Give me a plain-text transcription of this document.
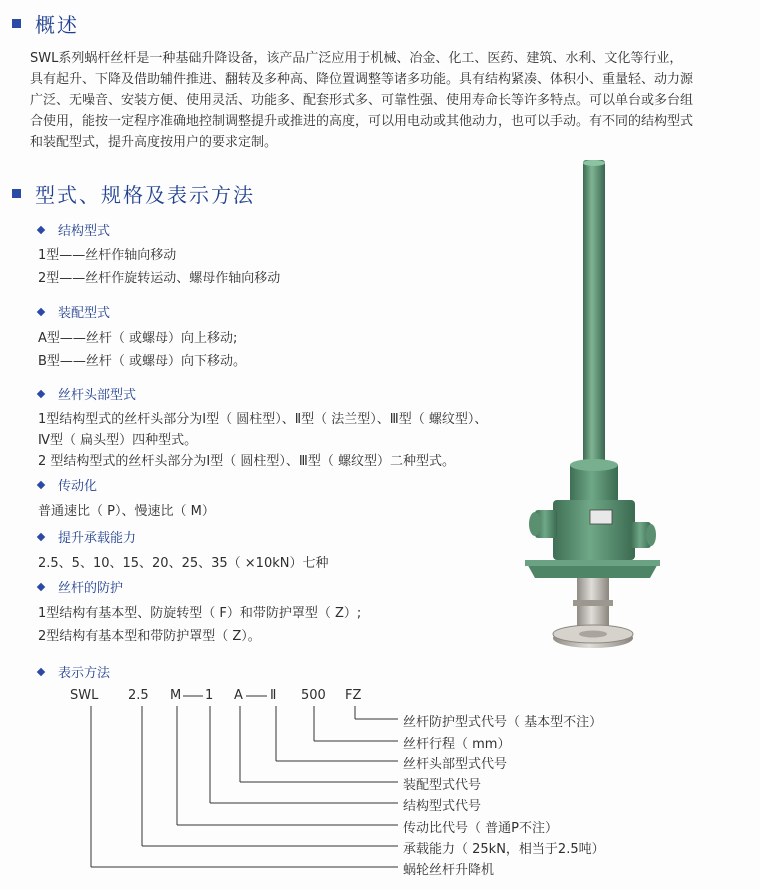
概述

SWL系列蜗杆丝杆是一种基础升降设备，该产品广泛应用于机械、冶金、化工、医药、建筑、水利、文化等行业，

具有起升、下降及借助辅件推进、翻转及多种高、降位置调整等诸多功能。具有结构紧凑、体积小、重量轻、动力源

广泛、无噪音、安装方便、使用灵活、功能多、配套形式多、可靠性强、使用寿命长等许多特点。可以单台或多台组

合使用，能按一定程序准确地控制调整提升或推进的高度，可以用电动或其他动力，也可以手动。有不同的结构型式

和装配型式，提升高度按用户的要求定制。

型式、规格及表示方法
结构型式
1型——丝杆作轴向移动
2型——丝杆作旋转运动、螺母作轴向移动
装配型式
A型——丝杆（ 或螺母）向上移动;
B型——丝杆（ 或螺母）向下移动。
丝杆头部型式
1型结构型式的丝杆头部分为Ⅰ型（ 圆柱型）、Ⅱ型（ 法兰型）、Ⅲ型（ 螺纹型）、
Ⅳ型（ 扁头型）四种型式。
2 型结构型式的丝杆头部分为Ⅰ型（ 圆柱型）、Ⅲ型（ 螺纹型）二种型式。
传动化
普通速比（ P）、慢速比（ M）
提升承载能力
2.5、5、10、15、20、25、35（ ×10kN）七种
丝杆的防护
1型结构有基本型、防旋转型（ F）和带防护罩型（ Z）;
2型结构有基本型和带防护罩型（ Z）。
表示方法
SWL 2.5 M 1 A Ⅱ 500 FZ
丝杆防护型式代号（ 基本型不注）
丝杆行程（ mm）
丝杆头部型式代号
装配型式代号
结构型式代号
传动比代号（ 普通P不注）
承载能力（ 25kN，相当于2.5吨）
蜗轮丝杆升降机
